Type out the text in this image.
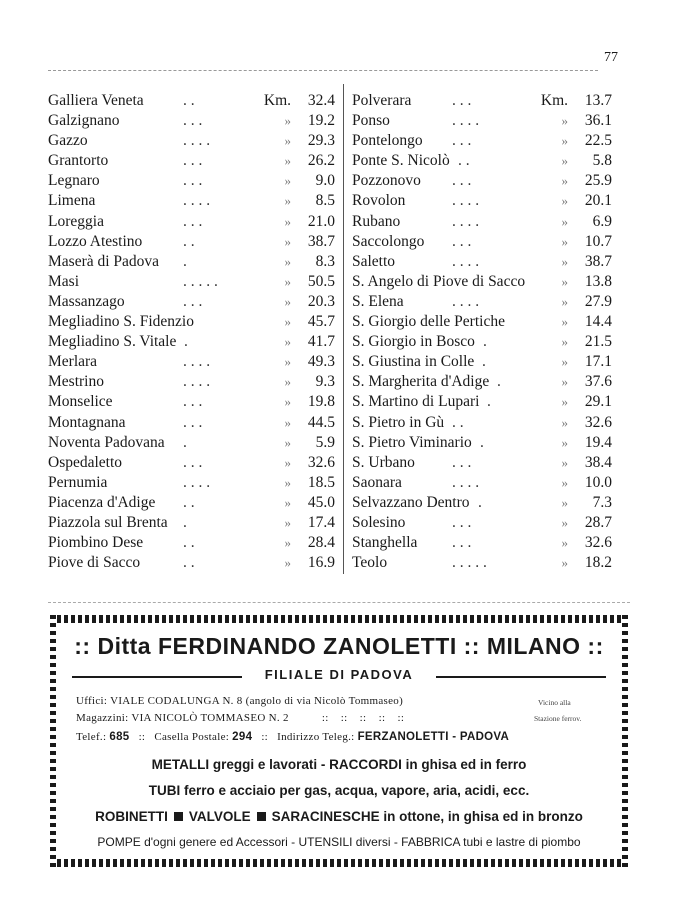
77
Galliera Veneta	. .	Km. 32.4
Galzignano	. . .	» 19.2
Gazzo	. . . .	» 29.3
Grantorto	. . .	» 26.2
Legnaro	. . .	» 9.0
Limena	. . . .	» 8.5
Loreggia	. . .	» 21.0
Lozzo Atestino	. .	» 38.7
Maserà di Padova .	» 8.3
Masi	. . . . .	» 50.5
Massanzago	. . .	» 20.3
Megliadino S. Fidenzio	» 45.7
Megliadino S. Vitale .	» 41.7
Merlara	. . . .	» 49.3
Mestrino	. . . .	» 9.3
Monselice	. . .	» 19.8
Montagnana	. . .	» 44.5
Noventa Padovana .	» 5.9
Ospedaletto	. . .	» 32.6
Pernumia	. . . .	» 18.5
Piacenza d'Adige . .	» 45.0
Piazzola sul Brenta .	» 17.4
Piombino Dese	. .	» 28.4
Piove di Sacco	. .	» 16.9
Polverara	. . .	Km. 13.7
Ponso	. . . .	» 36.1
Pontelongo . . .	» 22.5
Ponte S. Nicolò . .	» 5.8
Pozzonovo . . .	» 25.9
Rovolon	. . . .	» 20.1
Rubano	. . . .	» 6.9
Saccolongo . . .	» 10.7
Saletto	. . . .	» 38.7
S. Angelo di Piove di Sacco	» 13.8
S. Elena	. . . .	» 27.9
S. Giorgio delle Pertiche	» 14.4
S. Giorgio in Bosco .	» 21.5
S. Giustina in Colle .	» 17.1
S. Margherita d'Adige .	» 37.6
S. Martino di Lupari .	» 29.1
S. Pietro in Gù . .	» 32.6
S. Pietro Viminario .	» 19.4
S. Urbano . . .	» 38.4
Saonara	. . . .	» 10.0
Selvazzano Dentro .	» 7.3
Solesino	. . .	» 28.7
Stanghella . . .	» 32.6
Teolo	. . . . .	» 18.2
:: Ditta FERDINANDO ZANOLETTI :: MILANO ::
FILIALE DI PADOVA
Uffici: VIALE CODALUNGA N. 8 (angolo di via Nicolò Tommaseo)
Magazzini: VIA NICOLÒ TOMMASEO N. 2	::    ::    ::    ::    ::
Vicino alla
Stazione ferrov.
Telef.: 685 :: Casella Postale: 294 :: Indirizzo Teleg.: FERZANOLETTI - PADOVA
METALLI greggi e lavorati - RACCORDI in ghisa ed in ferro
TUBI ferro e acciaio per gas, acqua, vapore, aria, acidi, ecc.
ROBINETTI VALVOLE SARACINESCHE in ottone, in ghisa ed in bronzo
POMPE d'ogni genere ed Accessori - UTENSILI diversi - FABBRICA tubi e lastre di piombo
